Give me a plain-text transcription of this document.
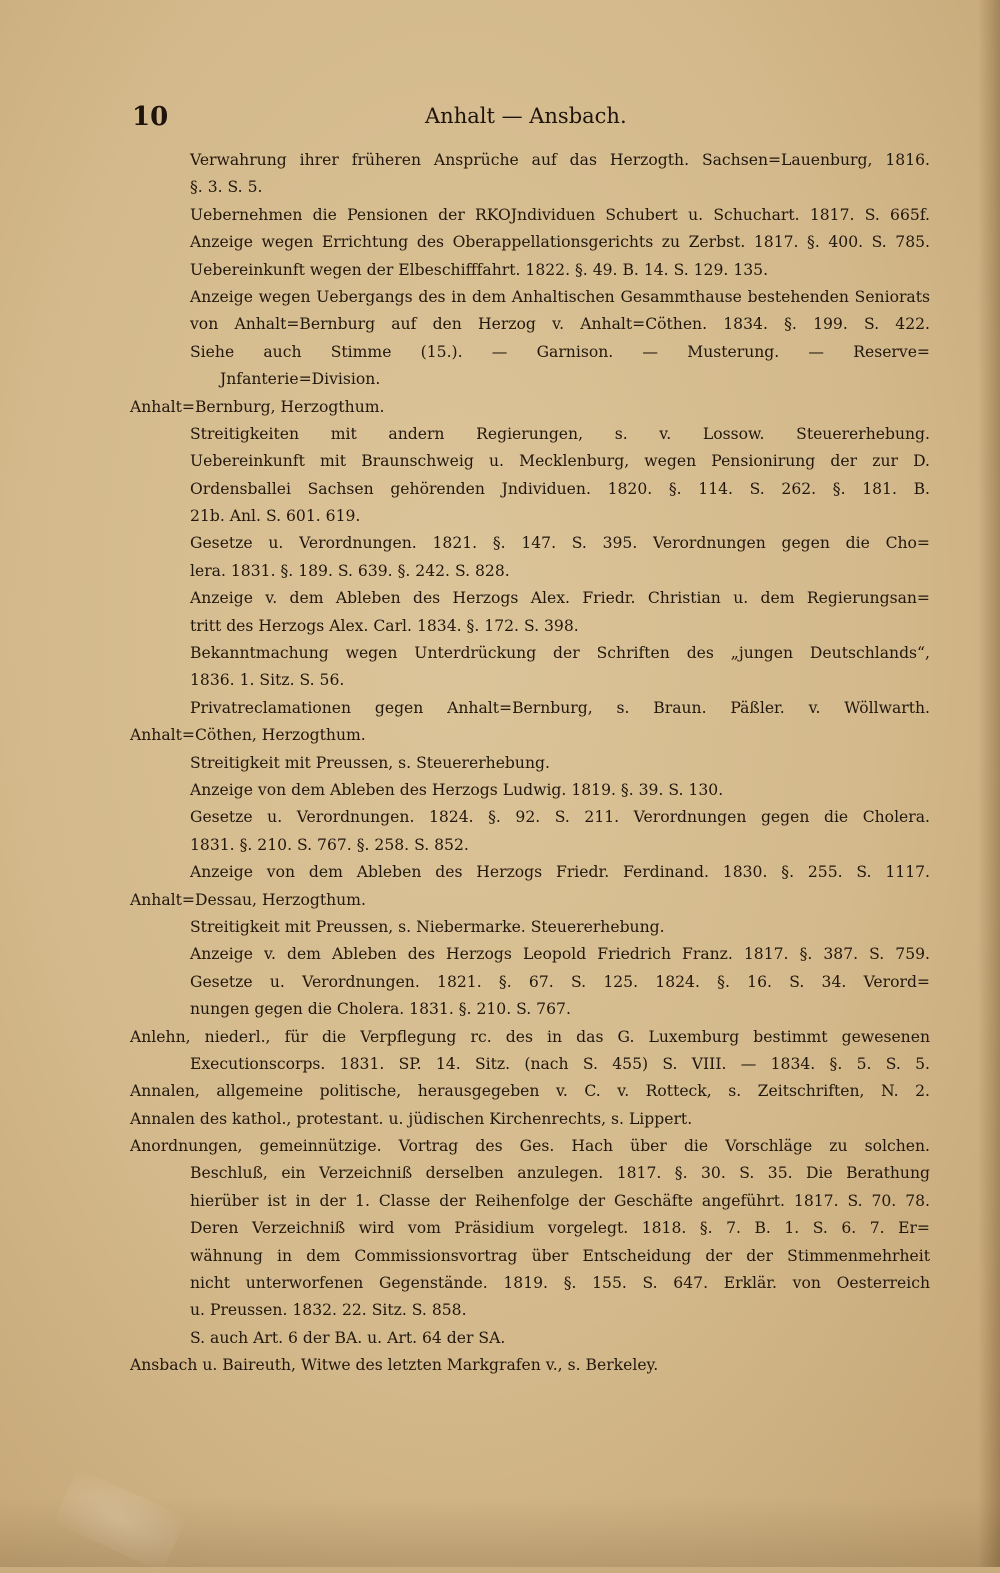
10	Anhalt — Ansbach.
Verwahrung ihrer früheren Ansprüche auf das Herzogth. Sachsen=Lauenburg, 1816.
§. 3. S. 5.
Uebernehmen die Pensionen der RKOJndividuen Schubert u. Schuchart. 1817. S. 665f.
Anzeige wegen Errichtung des Oberappellationsgerichts zu Zerbst. 1817. §. 400. S. 785.
Uebereinkunft wegen der Elbeschifffahrt. 1822. §. 49. B. 14. S. 129. 135.
Anzeige wegen Uebergangs des in dem Anhaltischen Gesammthause bestehenden Seniorats
von Anhalt=Bernburg auf den Herzog v. Anhalt=Cöthen. 1834. §. 199. S. 422.
Siehe auch Stimme (15.). — Garnison. — Musterung. — Reserve=
Jnfanterie=Division.
Anhalt=Bernburg, Herzogthum.
Streitigkeiten mit andern Regierungen, s. v. Lossow. Steuererhebung.
Uebereinkunft mit Braunschweig u. Mecklenburg, wegen Pensionirung der zur D.
Ordensballei Sachsen gehörenden Jndividuen. 1820. §. 114. S. 262. §. 181. B.
21b. Anl. S. 601. 619.
Gesetze u. Verordnungen. 1821. §. 147. S. 395. Verordnungen gegen die Cho=
lera. 1831. §. 189. S. 639. §. 242. S. 828.
Anzeige v. dem Ableben des Herzogs Alex. Friedr. Christian u. dem Regierungsan=
tritt des Herzogs Alex. Carl. 1834. §. 172. S. 398.
Bekanntmachung wegen Unterdrückung der Schriften des „jungen Deutschlands“,
1836. 1. Sitz. S. 56.
Privatreclamationen gegen Anhalt=Bernburg, s. Braun. Päßler. v. Wöllwarth.
Anhalt=Cöthen, Herzogthum.
Streitigkeit mit Preussen, s. Steuererhebung.
Anzeige von dem Ableben des Herzogs Ludwig. 1819. §. 39. S. 130.
Gesetze u. Verordnungen. 1824. §. 92. S. 211. Verordnungen gegen die Cholera.
1831. §. 210. S. 767. §. 258. S. 852.
Anzeige von dem Ableben des Herzogs Friedr. Ferdinand. 1830. §. 255. S. 1117.
Anhalt=Dessau, Herzogthum.
Streitigkeit mit Preussen, s. Niebermarke. Steuererhebung.
Anzeige v. dem Ableben des Herzogs Leopold Friedrich Franz. 1817. §. 387. S. 759.
Gesetze u. Verordnungen. 1821. §. 67. S. 125. 1824. §. 16. S. 34. Verord=
nungen gegen die Cholera. 1831. §. 210. S. 767.
Anlehn, niederl., für die Verpflegung rc. des in das G. Luxemburg bestimmt gewesenen
Executionscorps. 1831. SP. 14. Sitz. (nach S. 455) S. VIII. — 1834. §. 5. S. 5.
Annalen, allgemeine politische, herausgegeben v. C. v. Rotteck, s. Zeitschriften, N. 2.
Annalen des kathol., protestant. u. jüdischen Kirchenrechts, s. Lippert.
Anordnungen, gemeinnützige. Vortrag des Ges. Hach über die Vorschläge zu solchen.
Beschluß, ein Verzeichniß derselben anzulegen. 1817. §. 30. S. 35. Die Berathung
hierüber ist in der 1. Classe der Reihenfolge der Geschäfte angeführt. 1817. S. 70. 78.
Deren Verzeichniß wird vom Präsidium vorgelegt. 1818. §. 7. B. 1. S. 6. 7. Er=
wähnung in dem Commissionsvortrag über Entscheidung der der Stimmenmehrheit
nicht unterworfenen Gegenstände. 1819. §. 155. S. 647. Erklär. von Oesterreich
u. Preussen. 1832. 22. Sitz. S. 858.
S. auch Art. 6 der BA. u. Art. 64 der SA.
Ansbach u. Baireuth, Witwe des letzten Markgrafen v., s. Berkeley.
